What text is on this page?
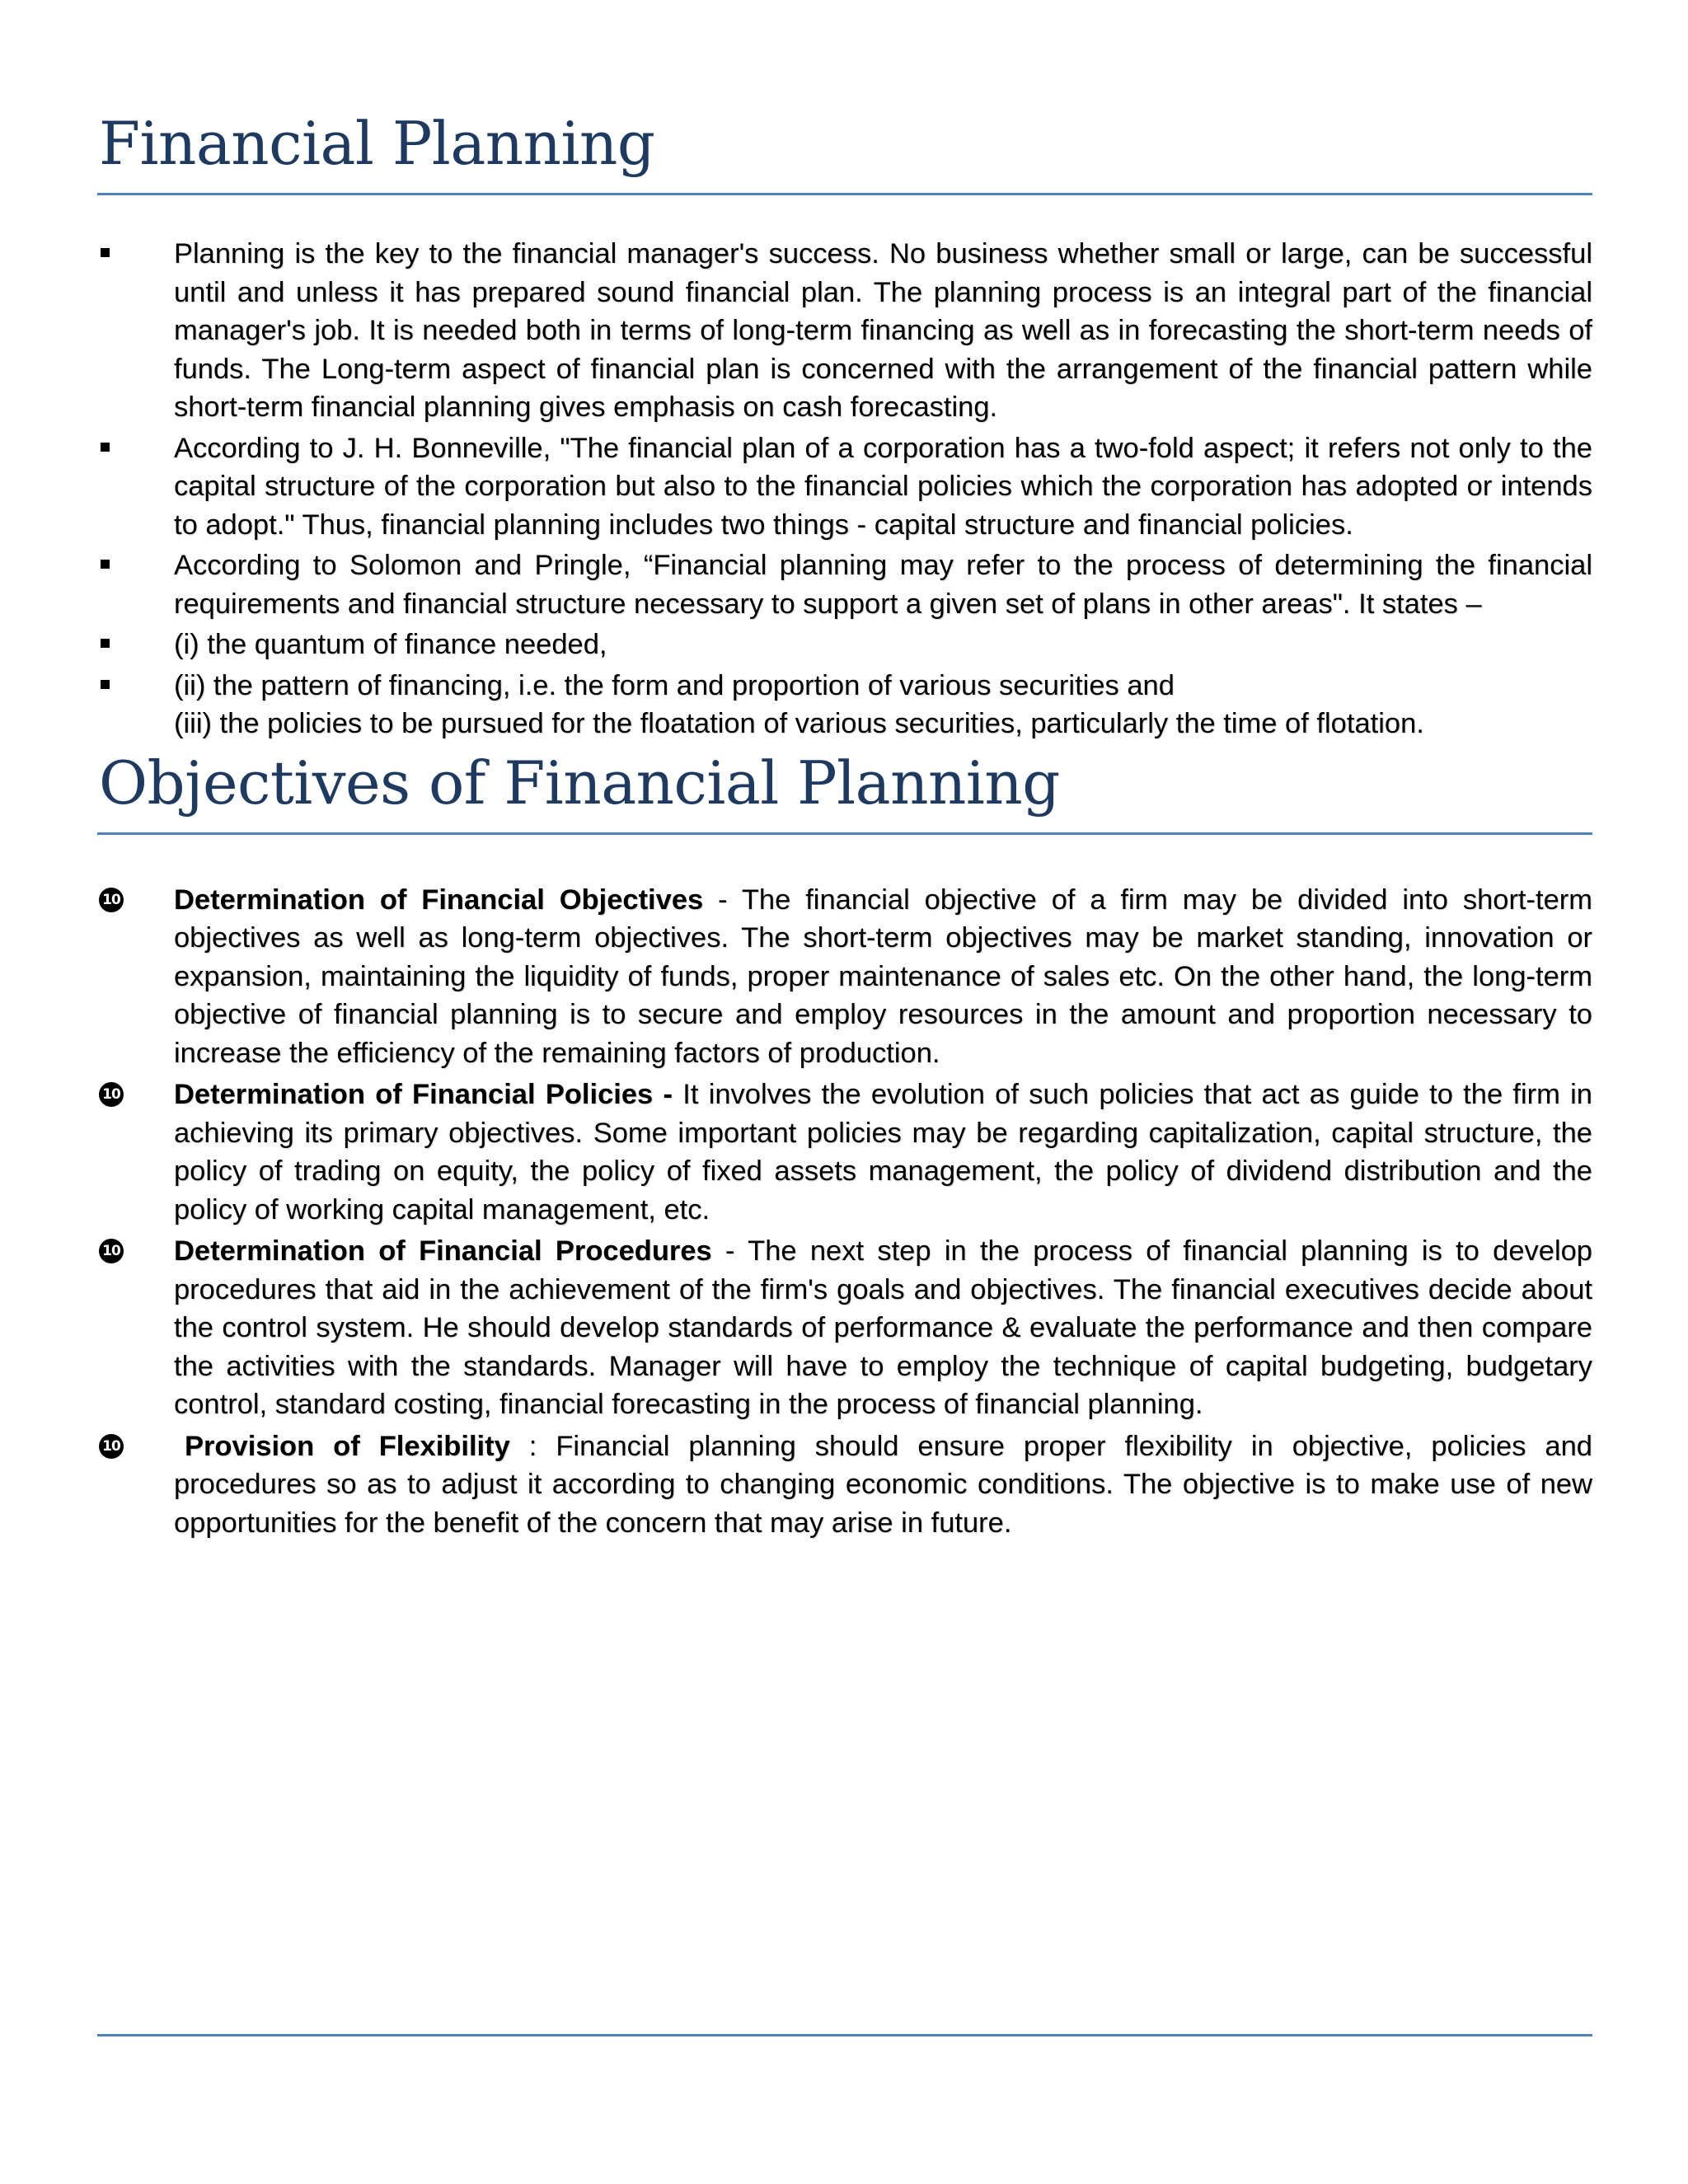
Financial Planning
Planning is the key to the financial manager's success. No business whether small or large, can be successful until and unless it has prepared sound financial plan. The planning process is an integral part of the financial manager's job. It is needed both in terms of long-term financing as well as in forecasting the short-term needs of funds. The Long-term aspect of financial plan is concerned with the arrangement of the financial pattern while short-term financial planning gives emphasis on cash forecasting.
According to J. H. Bonneville, "The financial plan of a corporation has a two-fold aspect; it refers not only to the capital structure of the corporation but also to the financial policies which the corporation has adopted or intends to adopt." Thus, financial planning includes two things - capital structure and financial policies.
According to Solomon and Pringle, “Financial planning may refer to the process of determining the financial requirements and financial structure necessary to support a given set of plans in other areas". It states –
(i) the quantum of finance needed,
(ii) the pattern of financing, i.e. the form and proportion of various securities and

(iii) the policies to be pursued for the floatation of various securities, particularly the time of flotation.

Objectives of Financial Planning
10 Determination of Financial Objectives - The financial objective of a firm may be divided into short-term objectives as well as long-term objectives. The short-term objectives may be market standing, innovation or expansion, maintaining the liquidity of funds, proper maintenance of sales etc. On the other hand, the long-term objective of financial planning is to secure and employ resources in the amount and proportion necessary to increase the efficiency of the remaining factors of production.
10 Determination of Financial Policies - It involves the evolution of such policies that act as guide to the firm in achieving its primary objectives. Some important policies may be regarding capitalization, capital structure, the policy of trading on equity, the policy of fixed assets management, the policy of dividend distribution and the policy of working capital management, etc.
10 Determination of Financial Procedures - The next step in the process of financial planning is to develop procedures that aid in the achievement of the firm's goals and objectives. The financial executives decide about the control system. He should develop standards of performance & evaluate the performance and then compare the activities with the standards. Manager will have to employ the technique of capital budgeting, budgetary control, standard costing, financial forecasting in the process of financial planning.
10 Provision of Flexibility : Financial planning should ensure proper flexibility in objective, policies and procedures so as to adjust it according to changing economic conditions. The objective is to make use of new opportunities for the benefit of the concern that may arise in future.
